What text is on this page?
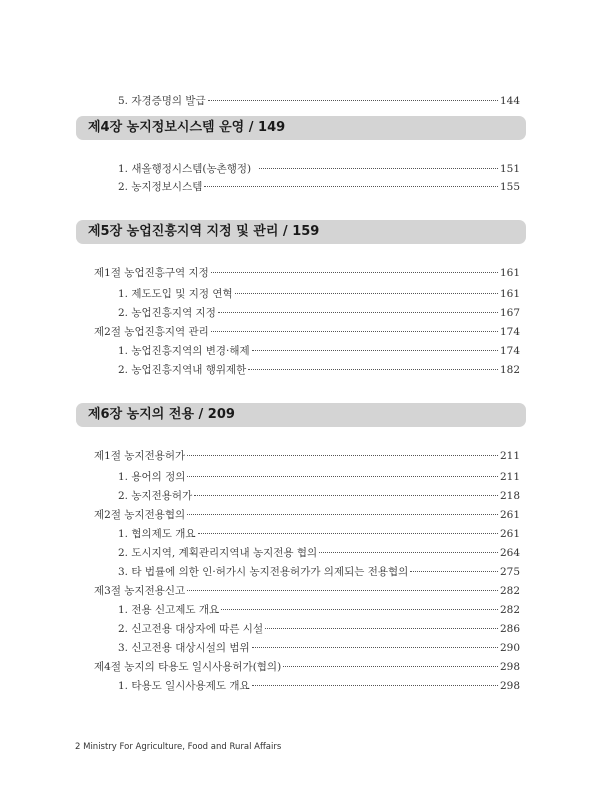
5. 자경증명의 발급	144
제4장 농지정보시스템 운영 / 149
1. 새올행정시스템(농촌행정)	151
2. 농지정보시스템	155
제5장 농업진흥지역 지정 및 관리 / 159
제1절 농업진흥구역 지정	161
1. 제도도입 및 지정 연혁	161
2. 농업진흥지역 지정	167
제2절 농업진흥지역 관리	174
1. 농업진흥지역의 변경·해제	174
2. 농업진흥지역내 행위제한	182
제6장 농지의 전용 / 209
제1절 농지전용허가	211
1. 용어의 정의	211
2. 농지전용허가	218
제2절 농지전용협의	261
1. 협의제도 개요	261
2. 도시지역, 계획관리지역내 농지전용 협의	264
3. 타 법률에 의한 인·허가시 농지전용허가가 의제되는 전용협의	275
제3절 농지전용신고	282
1. 전용 신고제도 개요	282
2. 신고전용 대상자에 따른 시설	286
3. 신고전용 대상시설의 범위	290
제4절 농지의 타용도 일시사용허가(협의)	298
1. 타용도 일시사용제도 개요	298
2 Ministry For Agriculture, Food and Rural Affairs
